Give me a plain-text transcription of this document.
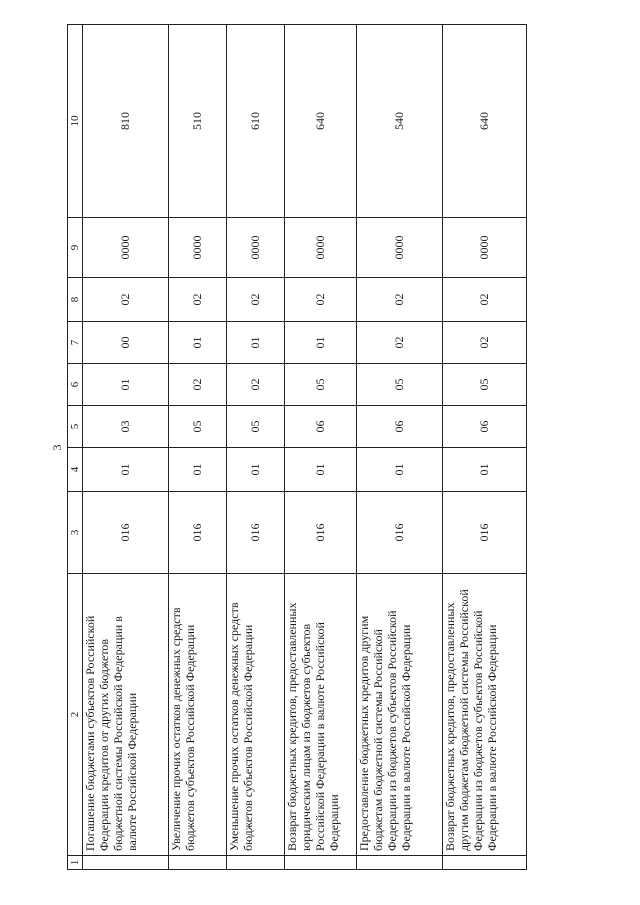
3
1	2	3	4	5	6	7	8	9	10
	Погашение бюджетами субъектов Российской Федерации кредитов от других бюджетов бюджетной системы Российской Федерации в валюте Российской Федерации	016	01	03	01	00	02	0000	810
	Увеличение прочих остатков денежных средств бюджетов субъектов Российской Федерации	016	01	05	02	01	02	0000	510
	Уменьшение прочих остатков денежных средств бюджетов субъектов Российской Федерации	016	01	05	02	01	02	0000	610
	Возврат бюджетных кредитов, предоставленных юридическим лицам из бюджетов субъектов Российской Федерации в валюте Российской Федерации	016	01	06	05	01	02	0000	640
	Предоставление бюджетных кредитов другим бюджетам бюджетной системы Российской Федерации из бюджетов субъектов Российской Федерации в валюте Российской Федерации	016	01	06	05	02	02	0000	540
	Возврат бюджетных кредитов, предоставленных другим бюджетам бюджетной системы Российской Федерации из бюджетов субъектов Российской Федерации в валюте Российской Федерации	016	01	06	05	02	02	0000	640
